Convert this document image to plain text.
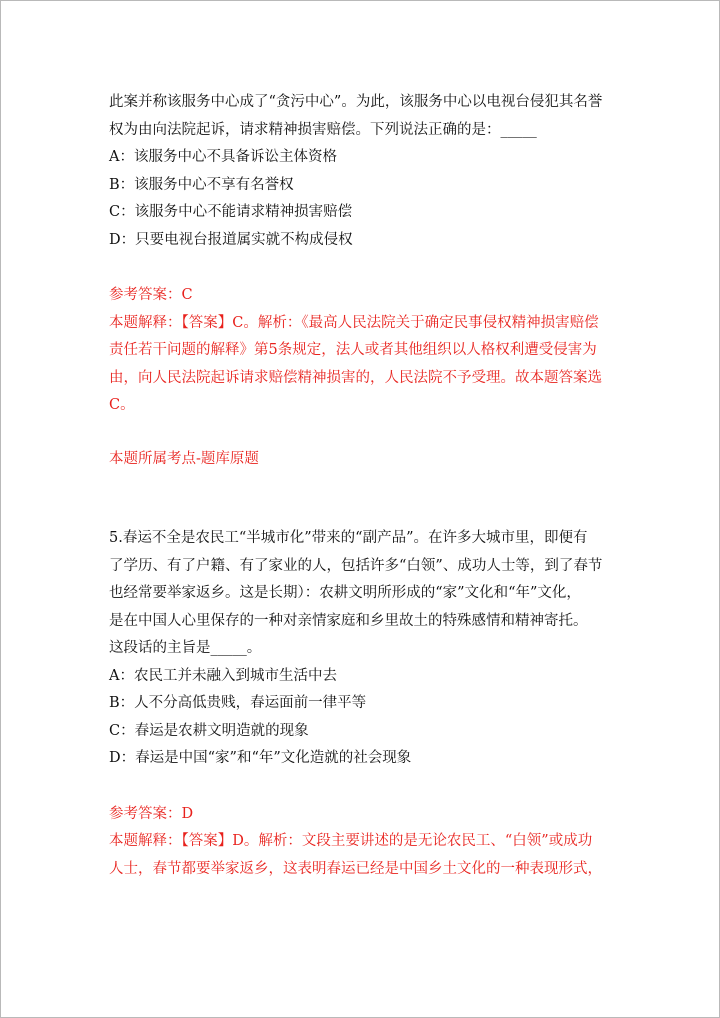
此案并称该服务中心成了“贪污中心”。为此，该服务中心以电视台侵犯其名誉
权为由向法院起诉，请求精神损害赔偿。下列说法正确的是：_____
A：该服务中心不具备诉讼主体资格
B：该服务中心不享有名誉权
C：该服务中心不能请求精神损害赔偿
D：只要电视台报道属实就不构成侵权
参考答案：C
本题解释：【答案】C。解析：《最高人民法院关于确定民事侵权精神损害赔偿
责任若干问题的解释》第5条规定，法人或者其他组织以人格权利遭受侵害为
由，向人民法院起诉请求赔偿精神损害的，人民法院不予受理。故本题答案选
C。
本题所属考点-题库原题
5.春运不全是农民工“半城市化”带来的“副产品”。在许多大城市里，即便有
了学历、有了户籍、有了家业的人，包括许多“白领”、成功人士等，到了春节
也经常要举家返乡。这是长期）：农耕文明所形成的“家”文化和“年”文化，
是在中国人心里保存的一种对亲情家庭和乡里故土的特殊感情和精神寄托。
这段话的主旨是_____。
A：农民工并未融入到城市生活中去
B：人不分高低贵贱，春运面前一律平等
C：春运是农耕文明造就的现象
D：春运是中国“家”和“年”文化造就的社会现象
参考答案：D
本题解释：【答案】D。解析：文段主要讲述的是无论农民工、“白领”或成功
人士，春节都要举家返乡，这表明春运已经是中国乡土文化的一种表现形式，
